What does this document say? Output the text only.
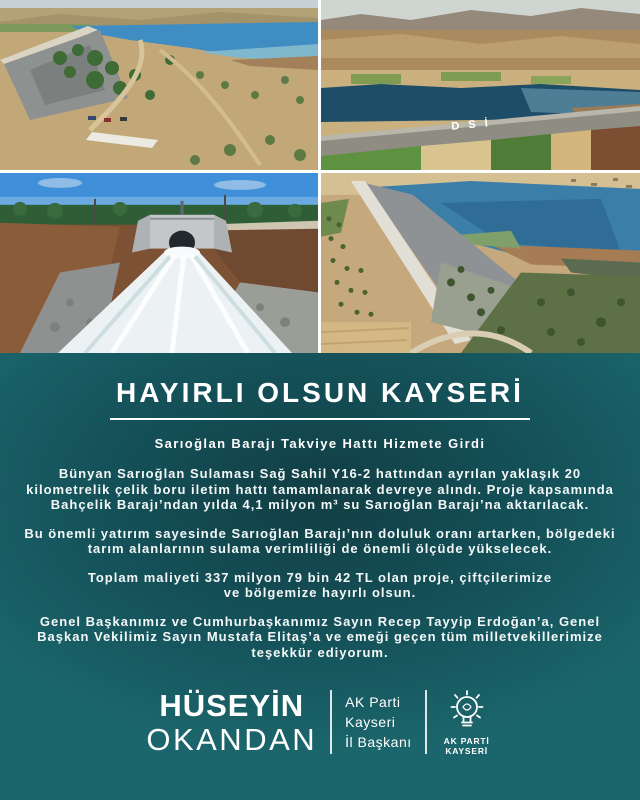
D S İ
HAYIRLI OLSUN KAYSERİ
Sarıoğlan Barajı Takviye Hattı Hizmete Girdi

Bünyan Sarıoğlan Sulaması Sağ Sahil Y16-2 hattından ayrılan yaklaşık 20 kilometrelik çelik boru iletim hattı tamamlanarak devreye alındı. Proje kapsamında Bahçelik Barajı’ndan yılda 4,1 milyon m³ su Sarıoğlan Barajı’na aktarılacak.

Bu önemli yatırım sayesinde Sarıoğlan Barajı’nın doluluk oranı artarken, bölgedeki tarım alanlarının sulama verimliliği de önemli ölçüde yükselecek.

Toplam maliyeti 337 milyon 79 bin 42 TL olan proje, çiftçilerimize ve bölgemize hayırlı olsun.

Genel Başkanımız ve Cumhurbaşkanımız Sayın Recep Tayyip Erdoğan’a, Genel Başkan Vekilimiz Sayın Mustafa Elitaş’a ve emeği geçen tüm milletvekillerimize teşekkür ediyorum.

HÜSEYİN
OKANDAN
AK Parti
Kayseri
İl Başkanı	AK PARTİ
KAYSERİ
